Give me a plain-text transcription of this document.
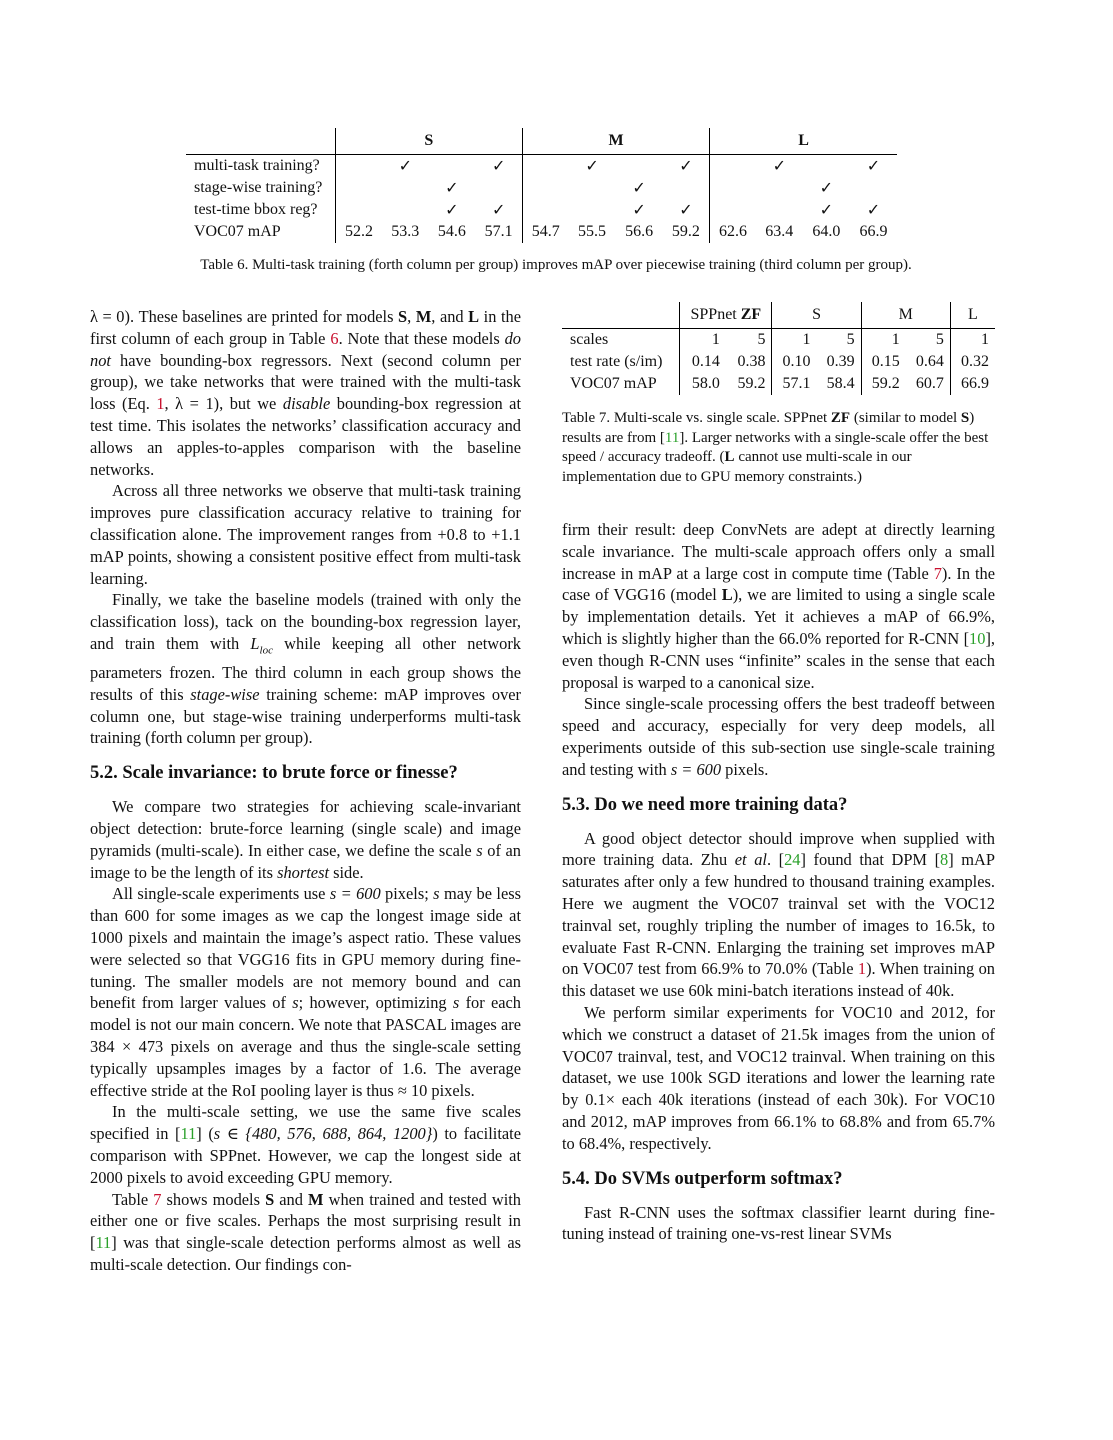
	S				M				L			
multi-task training?		✓		✓		✓		✓		✓		✓
stage-wise training?			✓				✓				✓	
test-time bbox reg?			✓	✓			✓	✓			✓	✓
VOC07 mAP	52.2	53.3	54.6	57.1	54.7	55.5	56.6	59.2	62.6	63.4	64.0	66.9
Table 6. Multi-task training (forth column per group) improves mAP over piecewise training (third column per group).
	SPPnet ZF		S		M		L
scales	1	5	1	5	1	5	1
test rate (s/im)	0.14	0.38	0.10	0.39	0.15	0.64	0.32
VOC07 mAP	58.0	59.2	57.1	58.4	59.2	60.7	66.9
Table 7. Multi-scale vs. single scale. SPPnet ZF (similar to model S) results are from [11]. Larger networks with a single-scale offer the best speed / accuracy tradeoff. (L cannot use multi-scale in our implementation due to GPU memory constraints.)

λ = 0). These baselines are printed for models S, M, and L in the first column of each group in Table 6. Note that these models do not have bounding-box regressors. Next (second column per group), we take networks that were trained with the multi-task loss (Eq. 1, λ = 1), but we disable bounding-box regression at test time. This isolates the networks’ classification accuracy and allows an apples-to-apples comparison with the baseline networks.

Across all three networks we observe that multi-task training improves pure classification accuracy relative to training for classification alone. The improvement ranges from +0.8 to +1.1 mAP points, showing a consistent positive effect from multi-task learning.

Finally, we take the baseline models (trained with only the classification loss), tack on the bounding-box regression layer, and train them with $L_{loc}$ while keeping all other network parameters frozen. The third column in each group shows the results of this stage-wise training scheme: mAP improves over column one, but stage-wise training underperforms multi-task training (forth column per group).

5.2. Scale invariance: to brute force or finesse?

We compare two strategies for achieving scale-invariant object detection: brute-force learning (single scale) and image pyramids (multi-scale). In either case, we define the scale s of an image to be the length of its shortest side.

All single-scale experiments use s = 600 pixels; s may be less than 600 for some images as we cap the longest image side at 1000 pixels and maintain the image’s aspect ratio. These values were selected so that VGG16 fits in GPU memory during fine-tuning. The smaller models are not memory bound and can benefit from larger values of s; however, optimizing s for each model is not our main concern. We note that PASCAL images are 384 × 473 pixels on average and thus the single-scale setting typically upsamples images by a factor of 1.6. The average effective stride at the RoI pooling layer is thus ≈ 10 pixels.

In the multi-scale setting, we use the same five scales specified in [11] (s ∈ {480, 576, 688, 864, 1200}) to facilitate comparison with SPPnet. However, we cap the longest side at 2000 pixels to avoid exceeding GPU memory.

Table 7 shows models S and M when trained and tested with either one or five scales. Perhaps the most surprising result in [11] was that single-scale detection performs almost as well as multi-scale detection. Our findings con-

firm their result: deep ConvNets are adept at directly learning scale invariance. The multi-scale approach offers only a small increase in mAP at a large cost in compute time (Table 7). In the case of VGG16 (model L), we are limited to using a single scale by implementation details. Yet it achieves a mAP of 66.9%, which is slightly higher than the 66.0% reported for R-CNN [10], even though R-CNN uses “infinite” scales in the sense that each proposal is warped to a canonical size.

Since single-scale processing offers the best tradeoff between speed and accuracy, especially for very deep models, all experiments outside of this sub-section use single-scale training and testing with s = 600 pixels.

5.3. Do we need more training data?

A good object detector should improve when supplied with more training data. Zhu et al. [24] found that DPM [8] mAP saturates after only a few hundred to thousand training examples. Here we augment the VOC07 trainval set with the VOC12 trainval set, roughly tripling the number of images to 16.5k, to evaluate Fast R-CNN. Enlarging the training set improves mAP on VOC07 test from 66.9% to 70.0% (Table 1). When training on this dataset we use 60k mini-batch iterations instead of 40k.

We perform similar experiments for VOC10 and 2012, for which we construct a dataset of 21.5k images from the union of VOC07 trainval, test, and VOC12 trainval. When training on this dataset, we use 100k SGD iterations and lower the learning rate by 0.1× each 40k iterations (instead of each 30k). For VOC10 and 2012, mAP improves from 66.1% to 68.8% and from 65.7% to 68.4%, respectively.

5.4. Do SVMs outperform softmax?

Fast R-CNN uses the softmax classifier learnt during fine-tuning instead of training one-vs-rest linear SVMs
